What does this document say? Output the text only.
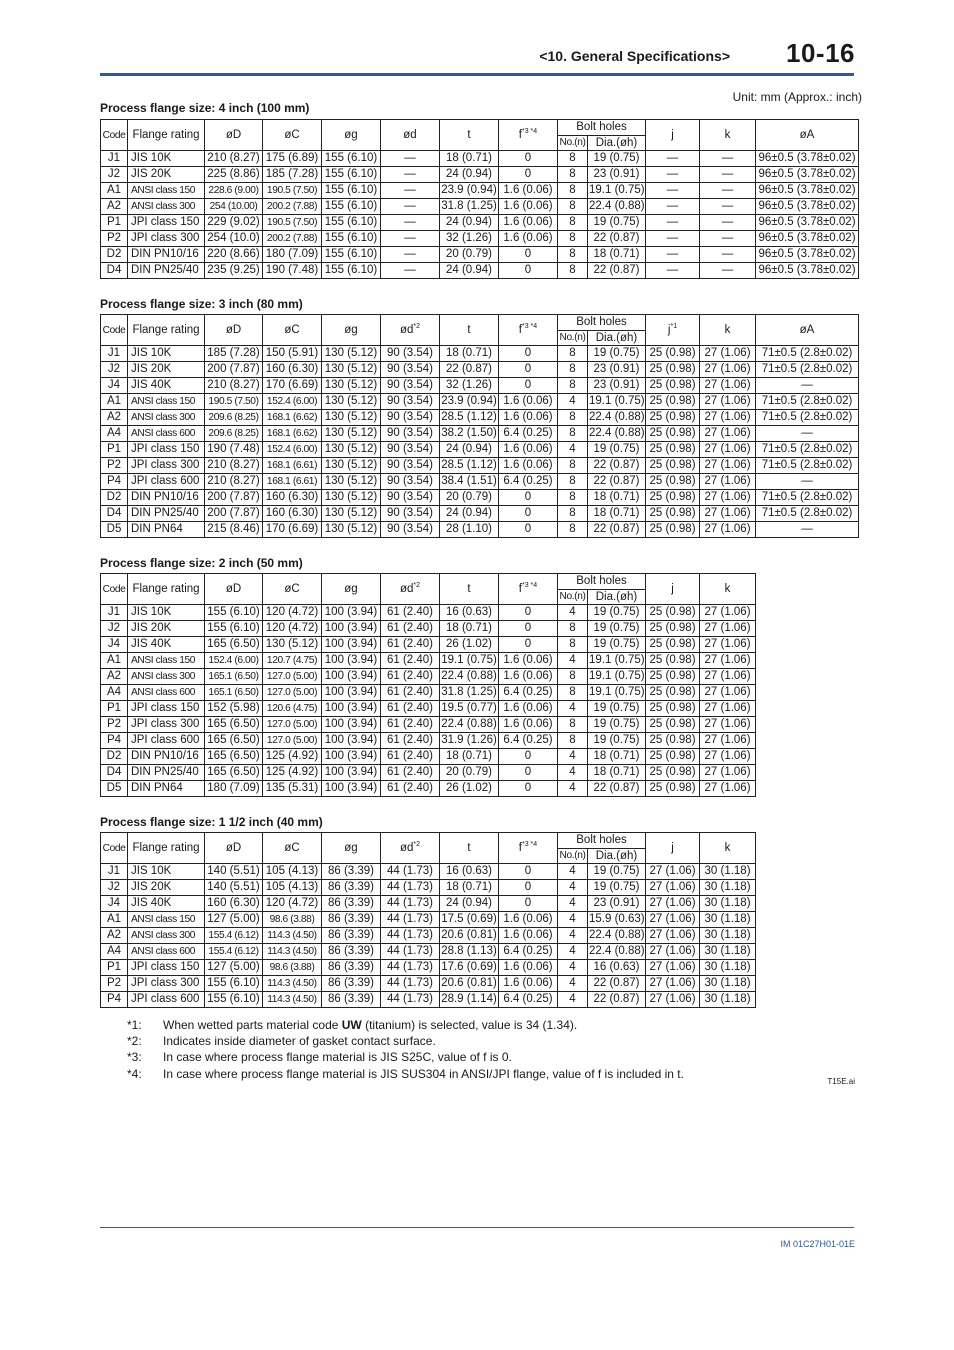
<10. General Specifications> 10-16
Unit: mm (Approx.: inch)
Process flange size: 4 inch (100 mm)
Code	Flange rating	øD	øC	øg	ød	t	$f^{*3 *4}$	Bolt holes		j	k	øA
								No.(n)	Dia.(øh)			
J1	JIS 10K	210 (8.27)	175 (6.89)	155 (6.10)	—	18 (0.71)	0	8	19 (0.75)	—	—	96±0.5 (3.78±0.02)
J2	JIS 20K	225 (8.86)	185 (7.28)	155 (6.10)	—	24 (0.94)	0	8	23 (0.91)	—	—	96±0.5 (3.78±0.02)
A1	ANSI class 150	228.6 (9.00)	190.5 (7.50)	155 (6.10)	—	23.9 (0.94)	1.6 (0.06)	8	19.1 (0.75)	—	—	96±0.5 (3.78±0.02)
A2	ANSI class 300	254 (10.00)	200.2 (7.88)	155 (6.10)	—	31.8 (1.25)	1.6 (0.06)	8	22.4 (0.88)	—	—	96±0.5 (3.78±0.02)
P1	JPI class 150	229 (9.02)	190.5 (7.50)	155 (6.10)	—	24 (0.94)	1.6 (0.06)	8	19 (0.75)	—	—	96±0.5 (3.78±0.02)
P2	JPI class 300	254 (10.0)	200.2 (7.88)	155 (6.10)	—	32 (1.26)	1.6 (0.06)	8	22 (0.87)	—	—	96±0.5 (3.78±0.02)
D2	DIN PN10/16	220 (8.66)	180 (7.09)	155 (6.10)	—	20 (0.79)	0	8	18 (0.71)	—	—	96±0.5 (3.78±0.02)
D4	DIN PN25/40	235 (9.25)	190 (7.48)	155 (6.10)	—	24 (0.94)	0	8	22 (0.87)	—	—	96±0.5 (3.78±0.02)
Process flange size: 3 inch (80 mm)
Code	Flange rating	øD	øC	øg	$ød^{*2}$	t	$f^{*3 *4}$	Bolt holes		$j^{*1}$	k	øA
								No.(n)	Dia.(øh)			
J1	JIS 10K	185 (7.28)	150 (5.91)	130 (5.12)	90 (3.54)	18 (0.71)	0	8	19 (0.75)	25 (0.98)	27 (1.06)	71±0.5 (2.8±0.02)
J2	JIS 20K	200 (7.87)	160 (6.30)	130 (5.12)	90 (3.54)	22 (0.87)	0	8	23 (0.91)	25 (0.98)	27 (1.06)	71±0.5 (2.8±0.02)
J4	JIS 40K	210 (8.27)	170 (6.69)	130 (5.12)	90 (3.54)	32 (1.26)	0	8	23 (0.91)	25 (0.98)	27 (1.06)	—
A1	ANSI class 150	190.5 (7.50)	152.4 (6.00)	130 (5.12)	90 (3.54)	23.9 (0.94)	1.6 (0.06)	4	19.1 (0.75)	25 (0.98)	27 (1.06)	71±0.5 (2.8±0.02)
A2	ANSI class 300	209.6 (8.25)	168.1 (6.62)	130 (5.12)	90 (3.54)	28.5 (1.12)	1.6 (0.06)	8	22.4 (0.88)	25 (0.98)	27 (1.06)	71±0.5 (2.8±0.02)
A4	ANSI class 600	209.6 (8.25)	168.1 (6.62)	130 (5.12)	90 (3.54)	38.2 (1.50)	6.4 (0.25)	8	22.4 (0.88)	25 (0.98)	27 (1.06)	—
P1	JPI class 150	190 (7.48)	152.4 (6.00)	130 (5.12)	90 (3.54)	24 (0.94)	1.6 (0.06)	4	19 (0.75)	25 (0.98)	27 (1.06)	71±0.5 (2.8±0.02)
P2	JPI class 300	210 (8.27)	168.1 (6.61)	130 (5.12)	90 (3.54)	28.5 (1.12)	1.6 (0.06)	8	22 (0.87)	25 (0.98)	27 (1.06)	71±0.5 (2.8±0.02)
P4	JPI class 600	210 (8.27)	168.1 (6.61)	130 (5.12)	90 (3.54)	38.4 (1.51)	6.4 (0.25)	8	22 (0.87)	25 (0.98)	27 (1.06)	—
D2	DIN PN10/16	200 (7.87)	160 (6.30)	130 (5.12)	90 (3.54)	20 (0.79)	0	8	18 (0.71)	25 (0.98)	27 (1.06)	71±0.5 (2.8±0.02)
D4	DIN PN25/40	200 (7.87)	160 (6.30)	130 (5.12)	90 (3.54)	24 (0.94)	0	8	18 (0.71)	25 (0.98)	27 (1.06)	71±0.5 (2.8±0.02)
D5	DIN PN64	215 (8.46)	170 (6.69)	130 (5.12)	90 (3.54)	28 (1.10)	0	8	22 (0.87)	25 (0.98)	27 (1.06)	—
Process flange size: 2 inch (50 mm)
Code	Flange rating	øD	øC	øg	$ød^{*2}$	t	$f^{*3 *4}$	Bolt holes		j	k
								No.(n)	Dia.(øh)		
J1	JIS 10K	155 (6.10)	120 (4.72)	100 (3.94)	61 (2.40)	16 (0.63)	0	4	19 (0.75)	25 (0.98)	27 (1.06)
J2	JIS 20K	155 (6.10)	120 (4.72)	100 (3.94)	61 (2.40)	18 (0.71)	0	8	19 (0.75)	25 (0.98)	27 (1.06)
J4	JIS 40K	165 (6.50)	130 (5.12)	100 (3.94)	61 (2.40)	26 (1.02)	0	8	19 (0.75)	25 (0.98)	27 (1.06)
A1	ANSI class 150	152.4 (6.00)	120.7 (4.75)	100 (3.94)	61 (2.40)	19.1 (0.75)	1.6 (0.06)	4	19.1 (0.75)	25 (0.98)	27 (1.06)
A2	ANSI class 300	165.1 (6.50)	127.0 (5.00)	100 (3.94)	61 (2.40)	22.4 (0.88)	1.6 (0.06)	8	19.1 (0.75)	25 (0.98)	27 (1.06)
A4	ANSI class 600	165.1 (6.50)	127.0 (5.00)	100 (3.94)	61 (2.40)	31.8 (1.25)	6.4 (0.25)	8	19.1 (0.75)	25 (0.98)	27 (1.06)
P1	JPI class 150	152 (5.98)	120.6 (4.75)	100 (3.94)	61 (2.40)	19.5 (0.77)	1.6 (0.06)	4	19 (0.75)	25 (0.98)	27 (1.06)
P2	JPI class 300	165 (6.50)	127.0 (5.00)	100 (3.94)	61 (2.40)	22.4 (0.88)	1.6 (0.06)	8	19 (0.75)	25 (0.98)	27 (1.06)
P4	JPI class 600	165 (6.50)	127.0 (5.00)	100 (3.94)	61 (2.40)	31.9 (1.26)	6.4 (0.25)	8	19 (0.75)	25 (0.98)	27 (1.06)
D2	DIN PN10/16	165 (6.50)	125 (4.92)	100 (3.94)	61 (2.40)	18 (0.71)	0	4	18 (0.71)	25 (0.98)	27 (1.06)
D4	DIN PN25/40	165 (6.50)	125 (4.92)	100 (3.94)	61 (2.40)	20 (0.79)	0	4	18 (0.71)	25 (0.98)	27 (1.06)
D5	DIN PN64	180 (7.09)	135 (5.31)	100 (3.94)	61 (2.40)	26 (1.02)	0	4	22 (0.87)	25 (0.98)	27 (1.06)
Process flange size: 1 1/2 inch (40 mm)
Code	Flange rating	øD	øC	øg	$ød^{*2}$	t	$f^{*3 *4}$	Bolt holes		j	k
								No.(n)	Dia.(øh)		
J1	JIS 10K	140 (5.51)	105 (4.13)	86 (3.39)	44 (1.73)	16 (0.63)	0	4	19 (0.75)	27 (1.06)	30 (1.18)
J2	JIS 20K	140 (5.51)	105 (4.13)	86 (3.39)	44 (1.73)	18 (0.71)	0	4	19 (0.75)	27 (1.06)	30 (1.18)
J4	JIS 40K	160 (6.30)	120 (4.72)	86 (3.39)	44 (1.73)	24 (0.94)	0	4	23 (0.91)	27 (1.06)	30 (1.18)
A1	ANSI class 150	127 (5.00)	98.6 (3.88)	86 (3.39)	44 (1.73)	17.5 (0.69)	1.6 (0.06)	4	15.9 (0.63)	27 (1.06)	30 (1.18)
A2	ANSI class 300	155.4 (6.12)	114.3 (4.50)	86 (3.39)	44 (1.73)	20.6 (0.81)	1.6 (0.06)	4	22.4 (0.88)	27 (1.06)	30 (1.18)
A4	ANSI class 600	155.4 (6.12)	114.3 (4.50)	86 (3.39)	44 (1.73)	28.8 (1.13)	6.4 (0.25)	4	22.4 (0.88)	27 (1.06)	30 (1.18)
P1	JPI class 150	127 (5.00)	98.6 (3.88)	86 (3.39)	44 (1.73)	17.6 (0.69)	1.6 (0.06)	4	16 (0.63)	27 (1.06)	30 (1.18)
P2	JPI class 300	155 (6.10)	114.3 (4.50)	86 (3.39)	44 (1.73)	20.6 (0.81)	1.6 (0.06)	4	22 (0.87)	27 (1.06)	30 (1.18)
P4	JPI class 600	155 (6.10)	114.3 (4.50)	86 (3.39)	44 (1.73)	28.9 (1.14)	6.4 (0.25)	4	22 (0.87)	27 (1.06)	30 (1.18)
*1:	When wetted parts material code UW (titanium) is selected, value is 34 (1.34).
*2:	Indicates inside diameter of gasket contact surface.
*3:	In case where process flange material is JIS S25C, value of f is 0.
*4:	In case where process flange material is JIS SUS304 in ANSI/JPI flange, value of f is included in t.
T15E.ai
IM 01C27H01-01E
